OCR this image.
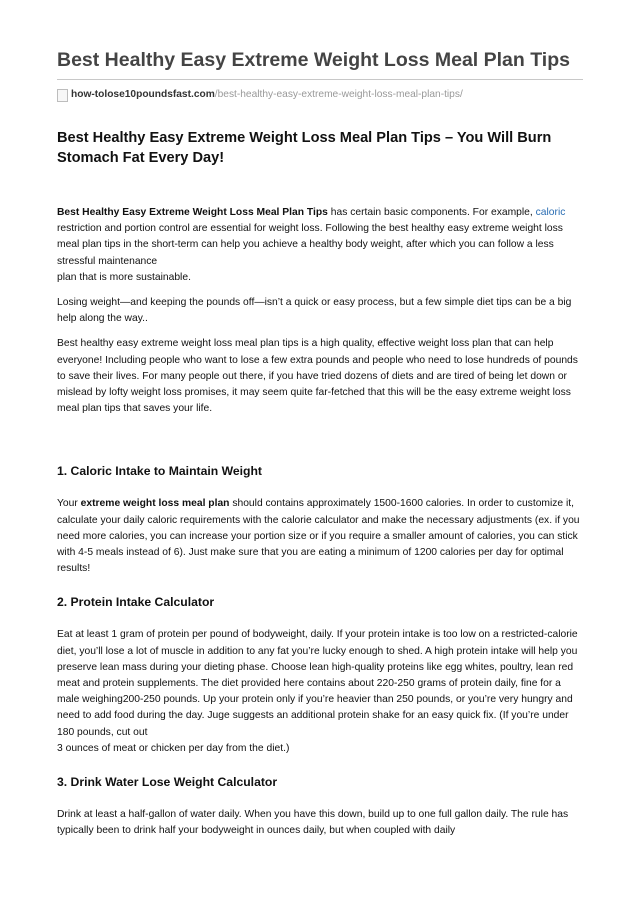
Best Healthy Easy Extreme Weight Loss Meal Plan Tips
how-tolose10poundsfast.com /best-healthy-easy-extreme-weight-loss-meal-plan-tips/
Best Healthy Easy Extreme Weight Loss Meal Plan Tips – You Will Burn Stomach Fat Every Day!

Best Healthy Easy Extreme Weight Loss Meal Plan Tips has certain basic components. For example, caloric restriction and portion control are essential for weight loss. Following the best healthy easy extreme weight loss meal plan tips in the short-term can help you achieve a healthy body weight, after which you can follow a less stressful maintenance
plan that is more sustainable.

Losing weight—and keeping the pounds off—isn’t a quick or easy process, but a few simple diet tips can be a big help along the way..

Best healthy easy extreme weight loss meal plan tips is a high quality, effective weight loss plan that can help everyone! Including people who want to lose a few extra pounds and people who need to lose hundreds of pounds to save their lives. For many people out there, if you have tried dozens of diets and are tired of being let down or mislead by lofty weight loss promises, it may seem quite far-fetched that this will be the easy extreme weight loss meal plan tips that saves your life.

1. Caloric Intake to Maintain Weight

Your extreme weight loss meal plan should contains approximately 1500-1600 calories. In order to customize it, calculate your daily caloric requirements with the calorie calculator and make the necessary adjustments (ex. if you need more calories, you can increase your portion size or if you require a smaller amount of calories, you can stick with 4-5 meals instead of 6). Just make sure that you are eating a minimum of 1200 calories per day for optimal results!

2. Protein Intake Calculator

Eat at least 1 gram of protein per pound of bodyweight, daily. If your protein intake is too low on a restricted-calorie diet, you’ll lose a lot of muscle in addition to any fat you’re lucky enough to shed. A high protein intake will help you preserve lean mass during your dieting phase. Choose lean high-quality proteins like egg whites, poultry, lean red meat and protein supplements. The diet provided here contains about 220-250 grams of protein daily, fine for a male weighing200-250 pounds. Up your protein only if you’re heavier than 250 pounds, or you’re very hungry and need to add food during the day. Juge suggests an additional protein shake for an easy quick fix. (If you’re under 180 pounds, cut out
3 ounces of meat or chicken per day from the diet.)

3. Drink Water Lose Weight Calculator

Drink at least a half-gallon of water daily. When you have this down, build up to one full gallon daily. The rule has typically been to drink half your bodyweight in ounces daily, but when coupled with daily
